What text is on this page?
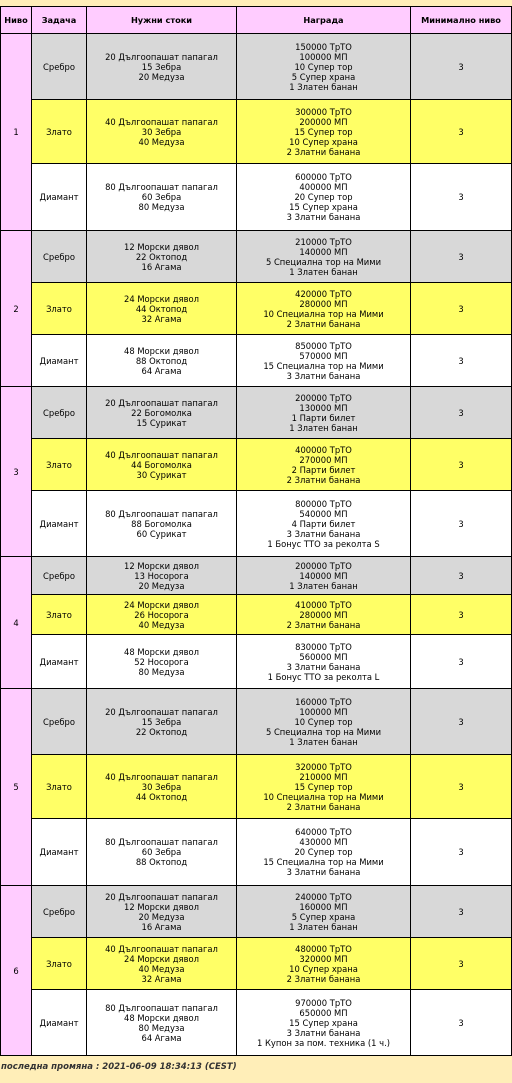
Ниво	Задача	Нужни стоки	Награда	Минимално ниво
1	Сребро	20 Дългоопашат папагал
15 Зебра
20 Медуза	150000 ТрТО
100000 МП
10 Супер тор
5 Супер храна
1 Златен банан	3
	Злато	40 Дългоопашат папагал
30 Зебра
40 Медуза	300000 ТрТО
200000 МП
15 Супер тор
10 Супер храна
2 Златни банана	3
	Диамант	80 Дългоопашат папагал
60 Зебра
80 Медуза	600000 ТрТО
400000 МП
20 Супер тор
15 Супер храна
3 Златни банана	3
2	Сребро	12 Морски дявол
22 Октопод
16 Агама	210000 ТрТО
140000 МП
5 Специална тор на Мими
1 Златен банан	3
	Злато	24 Морски дявол
44 Октопод
32 Агама	420000 ТрТО
280000 МП
10 Специална тор на Мими
2 Златни банана	3
	Диамант	48 Морски дявол
88 Октопод
64 Агама	850000 ТрТО
570000 МП
15 Специална тор на Мими
3 Златни банана	3
3	Сребро	20 Дългоопашат папагал
22 Богомолка
15 Сурикат	200000 ТрТО
130000 МП
1 Парти билет
1 Златен банан	3
	Злато	40 Дългоопашат папагал
44 Богомолка
30 Сурикат	400000 ТрТО
270000 МП
2 Парти билет
2 Златни банана	3
	Диамант	80 Дългоопашат папагал
88 Богомолка
60 Сурикат	800000 ТрТО
540000 МП
4 Парти билет
3 Златни банана
1 Бонус ТТО за реколта S	3
4	Сребро	12 Морски дявол
13 Носорога
20 Медуза	200000 ТрТО
140000 МП
1 Златен банан	3
	Злато	24 Морски дявол
26 Носорога
40 Медуза	410000 ТрТО
280000 МП
2 Златни банана	3
	Диамант	48 Морски дявол
52 Носорога
80 Медуза	830000 ТрТО
560000 МП
3 Златни банана
1 Бонус ТТО за реколта L	3
5	Сребро	20 Дългоопашат папагал
15 Зебра
22 Октопод	160000 ТрТО
100000 МП
10 Супер тор
5 Специална тор на Мими
1 Златен банан	3
	Злато	40 Дългоопашат папагал
30 Зебра
44 Октопод	320000 ТрТО
210000 МП
15 Супер тор
10 Специална тор на Мими
2 Златни банана	3
	Диамант	80 Дългоопашат папагал
60 Зебра
88 Октопод	640000 ТрТО
430000 МП
20 Супер тор
15 Специална тор на Мими
3 Златни банана	3
6	Сребро	20 Дългоопашат папагал
12 Морски дявол
20 Медуза
16 Агама	240000 ТрТО
160000 МП
5 Супер храна
1 Златен банан	3
	Злато	40 Дългоопашат папагал
24 Морски дявол
40 Медуза
32 Агама	480000 ТрТО
320000 МП
10 Супер храна
2 Златни банана	3
	Диамант	80 Дългоопашат папагал
48 Морски дявол
80 Медуза
64 Агама	970000 ТрТО
650000 МП
15 Супер храна
3 Златни банана
1 Купон за пом. техника (1 ч.)	3
последна промяна : 2021-06-09 18:34:13 (CEST)
